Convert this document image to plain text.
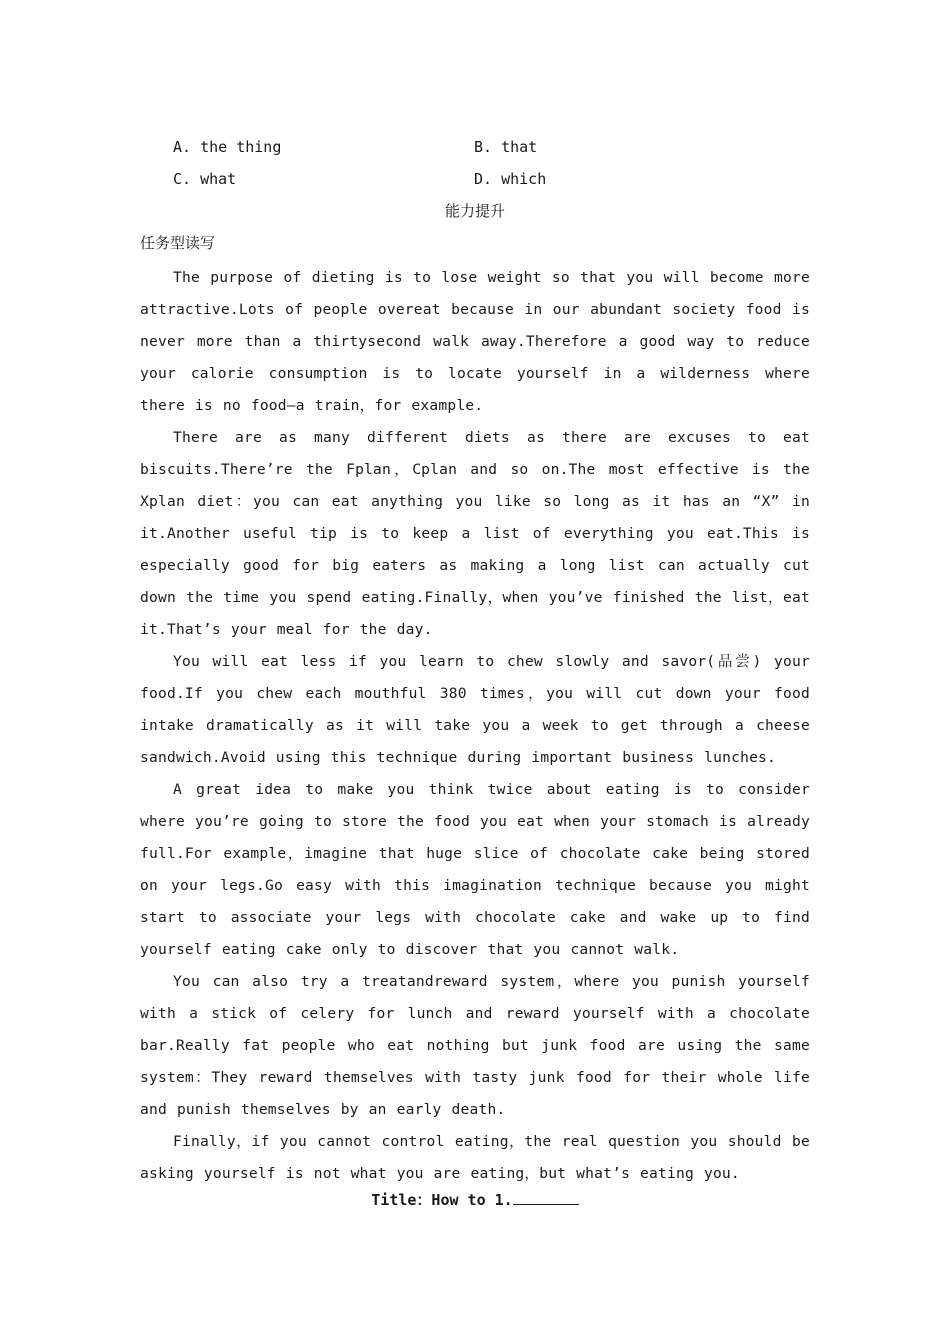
A. the thing	B. that
C. what	D. which
能力提升
任务型读写

The purpose of dieting is to lose weight so that you will become more attractive.Lots of people overeat because in our abundant society food is never more than a thirtysecond walk away.Therefore a good way to reduce your calorie consumption is to locate yourself in a wilderness where there is no food—a train，for example.

There are as many different diets as there are excuses to eat biscuits.There’re the Fplan，Cplan and so on.The most effective is the Xplan diet：you can eat anything you like so long as it has an “X” in it.Another useful tip is to keep a list of everything you eat.This is especially good for big eaters as making a long list can actually cut down the time you spend eating.Finally，when you’ve finished the list，eat it.That’s your meal for the day.

You will eat less if you learn to chew slowly and savor(品尝) your food.If you chew each mouthful 380 times，you will cut down your food intake dramatically as it will take you a week to get through a cheese sandwich.Avoid using this technique during important business lunches.

A great idea to make you think twice about eating is to consider where you’re going to store the food you eat when your stomach is already full.For example，imagine that huge slice of chocolate cake being stored on your legs.Go easy with this imagination technique because you might start to associate your legs with chocolate cake and wake up to find yourself eating cake only to discover that you cannot walk.

You can also try a treatandreward system，where you punish yourself with a stick of celery for lunch and reward yourself with a chocolate bar.Really fat people who eat nothing but junk food are using the same system：They reward themselves with tasty junk food for their whole life and punish themselves by an early death.

Finally，if you cannot control eating，the real question you should be asking yourself is not what you are eating，but what’s eating you.

Title：How to 1.
